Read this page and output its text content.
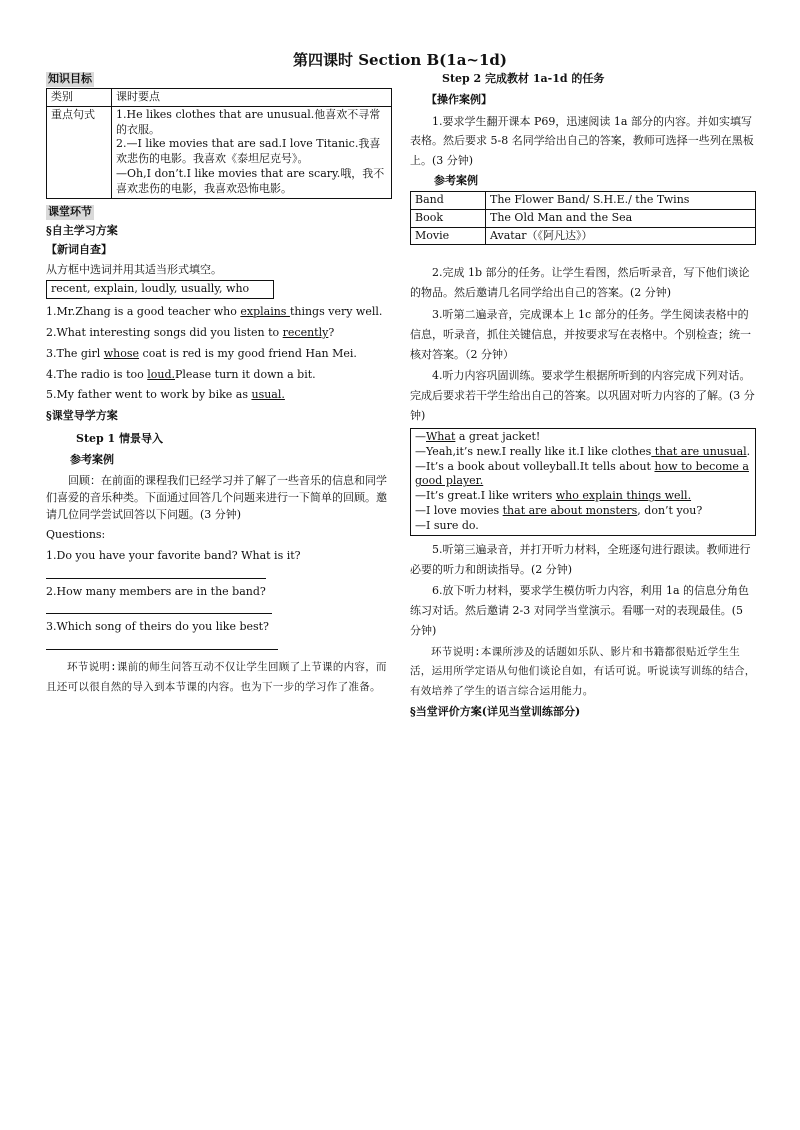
第四课时 Section B(1a~1d)
知识目标
类别	课时要点
重点句式	1.He likes clothes that are unusual.他喜欢不寻常的衣服。

2.—I like movies that are sad.I love Titanic.我喜欢悲伤的电影。我喜欢《泰坦尼克号》。

—Oh,I don’t.I like movies that are scary.哦，我不喜欢悲伤的电影，我喜欢恐怖电影。

课堂环节
§自主学习方案
【新词自查】
从方框中选词并用其适当形式填空。
recent, explain, loudly, usually, who

1.Mr.Zhang is a good teacher who explains things very well.

2.What interesting songs did you listen to recently?

3.The girl whose coat is red is my good friend Han Mei.

4.The radio is too loud.Please turn it down a bit.

5.My father went to work by bike as usual.

§课堂导学方案
Step 1 情景导入
参考案例

回顾：在前面的课程我们已经学习并了解了一些音乐的信息和同学们喜爱的音乐种类。下面通过回答几个问题来进行一下简单的回顾。邀请几位同学尝试回答以下问题。(3 分钟)

Questions:
1.Do you have your favorite band? What is it?
2.How many members are in the band?
3.Which song of theirs do you like best?

环节说明:课前的师生问答互动不仅让学生回顾了上节课的内容，而且还可以很自然的导入到本节课的内容。也为下一步的学习作了准备。

Step 2 完成教材 1a-1d 的任务
【操作案例】

1.要求学生翻开课本 P69，迅速阅读 1a 部分的内容。并如实填写表格。然后要求 5-8 名同学给出自己的答案，教师可选择一些列在黑板上。(3 分钟)

参考案例
Band	The Flower Band/ S.H.E./ the Twins
Book	The Old Man and the Sea
Movie	Avatar（《阿凡达》）

2.完成 1b 部分的任务。让学生看图，然后听录音，写下他们谈论的物品。然后邀请几名同学给出自己的答案。(2 分钟)

3.听第二遍录音，完成课本上 1c 部分的任务。学生阅读表格中的信息，听录音，抓住关键信息，并按要求写在表格中。个别检查；统一核对答案。（2 分钟）

4.听力内容巩固训练。要求学生根据所听到的内容完成下列对话。完成后要求若干学生给出自己的答案。以巩固对听力内容的了解。(3 分钟)

—What a great jacket!
—Yeah,it’s new.I really like it.I like clothes that are unusual.
—It’s a book about volleyball.It tells about how to become a good player.
—It’s great.I like writers who explain things well.
—I love movies that are about monsters, don’t you?
—I sure do.

5.听第三遍录音，并打开听力材料，全班逐句进行跟读。教师进行必要的听力和朗读指导。(2 分钟)

6.放下听力材料，要求学生模仿听力内容，利用 1a 的信息分角色练习对话。然后邀请 2-3 对同学当堂演示。看哪一对的表现最佳。(5 分钟)

环节说明:本课所涉及的话题如乐队、影片和书籍都很贴近学生生活，运用所学定语从句他们谈论自如，有话可说。听说读写训练的结合，有效培养了学生的语言综合运用能力。

§当堂评价方案(详见当堂训练部分)
